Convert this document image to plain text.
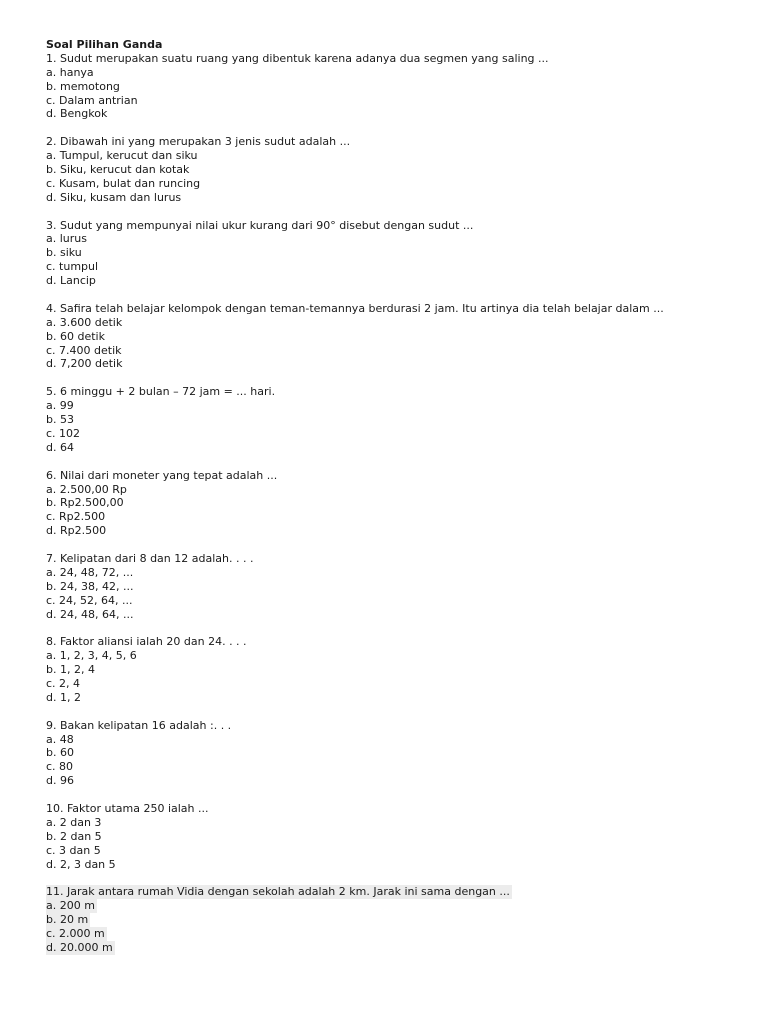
Soal Pilihan Ganda
1. Sudut merupakan suatu ruang yang dibentuk karena adanya dua segmen yang saling ...
a. hanya
b. memotong
c. Dalam antrian
d. Bengkok
2. Dibawah ini yang merupakan 3 jenis sudut adalah ...
a. Tumpul, kerucut dan siku
b. Siku, kerucut dan kotak
c. Kusam, bulat dan runcing
d. Siku, kusam dan lurus
3. Sudut yang mempunyai nilai ukur kurang dari 90° disebut dengan sudut ...
a. lurus
b. siku
c. tumpul
d. Lancip
4. Safira telah belajar kelompok dengan teman-temannya berdurasi 2 jam. Itu artinya dia telah belajar dalam ...
a. 3.600 detik
b. 60 detik
c. 7.400 detik
d. 7,200 detik
5. 6 minggu + 2 bulan – 72 jam = ... hari.
a. 99
b. 53
c. 102
d. 64
6. Nilai dari moneter yang tepat adalah ...
a. 2.500,00 Rp
b. Rp2.500,00
c. Rp2.500
d. Rp2.500
7. Kelipatan dari 8 dan 12 adalah. . . .
a. 24, 48, 72, ...
b. 24, 38, 42, ...
c. 24, 52, 64, ...
d. 24, 48, 64, ...
8. Faktor aliansi ialah 20 dan 24. . . .
a. 1, 2, 3, 4, 5, 6
b. 1, 2, 4
c. 2, 4
d. 1, 2
9. Bakan kelipatan 16 adalah :. . .
a. 48
b. 60
c. 80
d. 96
10. Faktor utama 250 ialah ...
a. 2 dan 3
b. 2 dan 5
c. 3 dan 5
d. 2, 3 dan 5
11. Jarak antara rumah Vidia dengan sekolah adalah 2 km. Jarak ini sama dengan ...
a. 200 m
b. 20 m
c. 2.000 m
d. 20.000 m
